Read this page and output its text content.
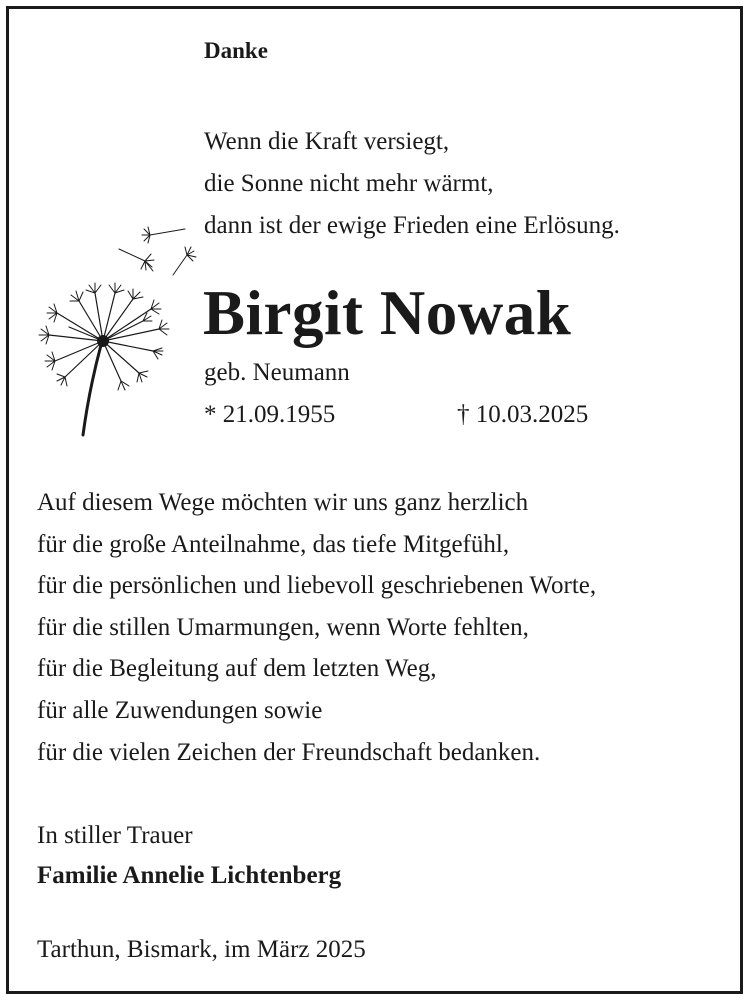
Danke
Wenn die Kraft versiegt,
die Sonne nicht mehr wärmt,
dann ist der ewige Frieden eine Erlösung.
Birgit Nowak
geb. Neumann
* 21.09.1955	† 10.03.2025
Auf diesem Wege möchten wir uns ganz herzlich
für die große Anteilnahme, das tiefe Mitgefühl,
für die persönlichen und liebevoll geschriebenen Worte,
für die stillen Umarmungen, wenn Worte fehlten,
für die Begleitung auf dem letzten Weg,
für alle Zuwendungen sowie
für die vielen Zeichen der Freundschaft bedanken.
In stiller Trauer
Familie Annelie Lichtenberg
Tarthun, Bismark, im März 2025
